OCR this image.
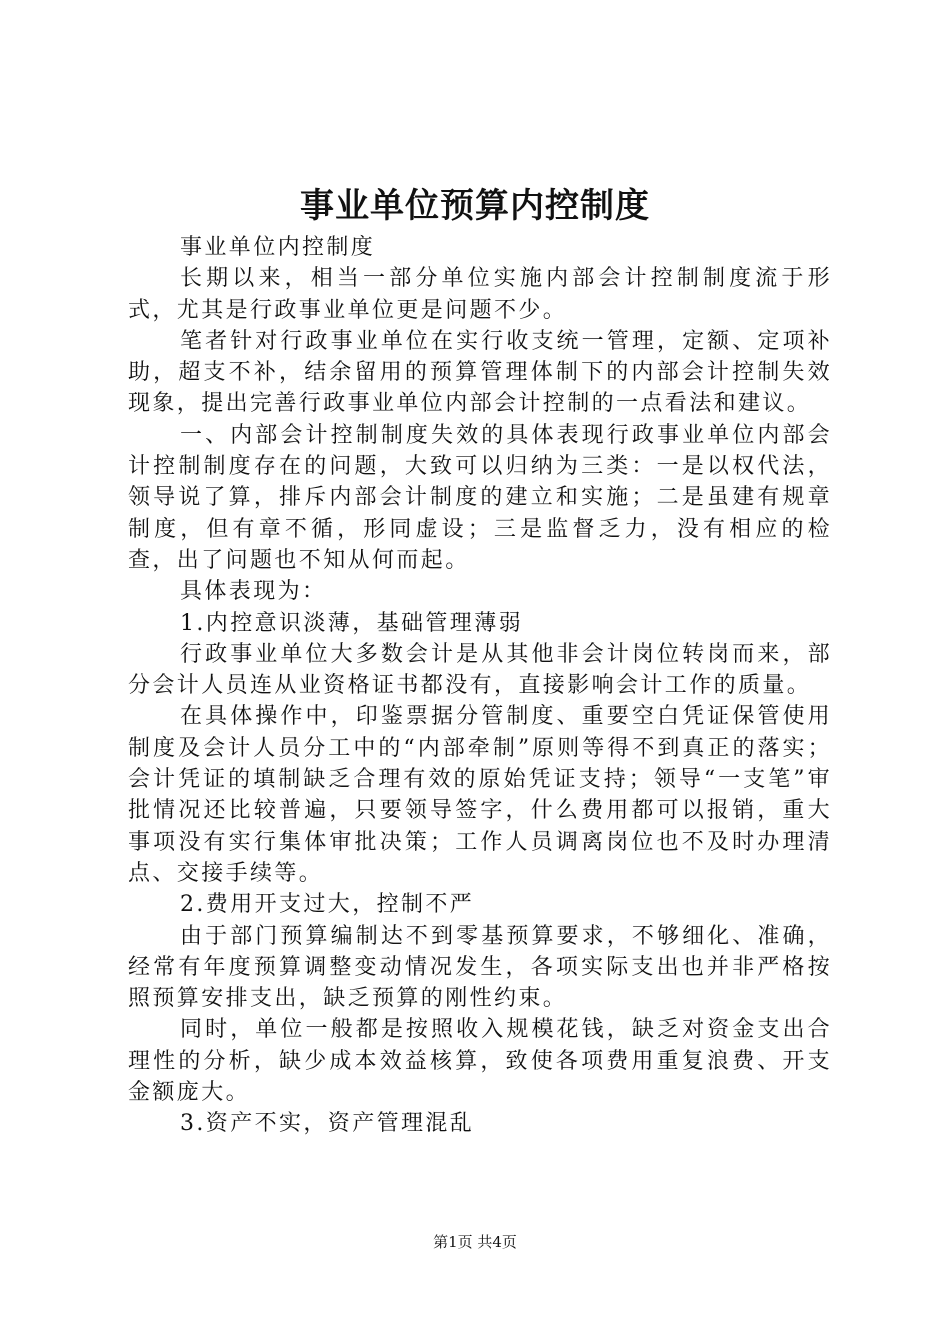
事业单位预算内控制度

事业单位内控制度

长期以来，相当一部分单位实施内部会计控制制度流于形式，尤其是行政事业单位更是问题不少。

笔者针对行政事业单位在实行收支统一管理，定额、定项补助，超支不补，结余留用的预算管理体制下的内部会计控制失效现象，提出完善行政事业单位内部会计控制的一点看法和建议。

一、内部会计控制制度失效的具体表现行政事业单位内部会计控制制度存在的问题，大致可以归纳为三类：一是以权代法，领导说了算，排斥内部会计制度的建立和实施；二是虽建有规章制度，但有章不循，形同虚设；三是监督乏力，没有相应的检查，出了问题也不知从何而起。

具体表现为：

1.内控意识淡薄，基础管理薄弱

行政事业单位大多数会计是从其他非会计岗位转岗而来，部分会计人员连从业资格证书都没有，直接影响会计工作的质量。

在具体操作中，印鉴票据分管制度、重要空白凭证保管使用制度及会计人员分工中的“内部牵制”原则等得不到真正的落实；会计凭证的填制缺乏合理有效的原始凭证支持；领导“一支笔”审批情况还比较普遍，只要领导签字，什么费用都可以报销，重大事项没有实行集体审批决策；工作人员调离岗位也不及时办理清点、交接手续等。

2.费用开支过大，控制不严

由于部门预算编制达不到零基预算要求，不够细化、准确，经常有年度预算调整变动情况发生，各项实际支出也并非严格按照预算安排支出，缺乏预算的刚性约束。

同时，单位一般都是按照收入规模花钱，缺乏对资金支出合理性的分析，缺少成本效益核算，致使各项费用重复浪费、开支金额庞大。

3.资产不实，资产管理混乱

第1页 共4页
